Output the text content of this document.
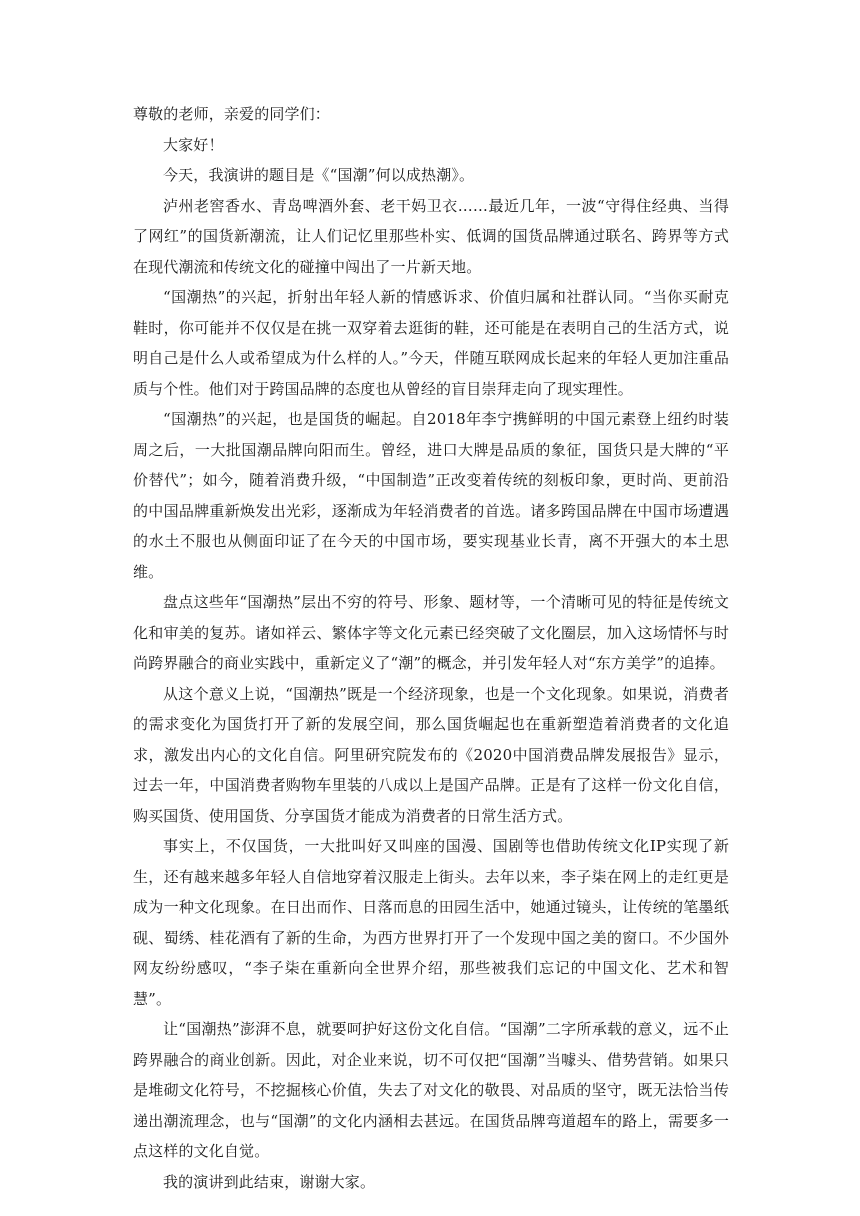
尊敬的老师，亲爱的同学们：

大家好！

今天，我演讲的题目是《“国潮”何以成热潮》。

泸州老窖香水、青岛啤酒外套、老干妈卫衣……最近几年，一波“守得住经典、当得了网红”的国货新潮流，让人们记忆里那些朴实、低调的国货品牌通过联名、跨界等方式在现代潮流和传统文化的碰撞中闯出了一片新天地。

“国潮热”的兴起，折射出年轻人新的情感诉求、价值归属和社群认同。“当你买耐克鞋时，你可能并不仅仅是在挑一双穿着去逛街的鞋，还可能是在表明自己的生活方式，说明自己是什么人或希望成为什么样的人。”今天，伴随互联网成长起来的年轻人更加注重品质与个性。他们对于跨国品牌的态度也从曾经的盲目崇拜走向了现实理性。

“国潮热”的兴起，也是国货的崛起。自2018年李宁携鲜明的中国元素登上纽约时装周之后，一大批国潮品牌向阳而生。曾经，进口大牌是品质的象征，国货只是大牌的“平价替代”；如今，随着消费升级，“中国制造”正改变着传统的刻板印象，更时尚、更前沿的中国品牌重新焕发出光彩，逐渐成为年轻消费者的首选。诸多跨国品牌在中国市场遭遇的水土不服也从侧面印证了在今天的中国市场，要实现基业长青，离不开强大的本土思维。

盘点这些年“国潮热”层出不穷的符号、形象、题材等，一个清晰可见的特征是传统文化和审美的复苏。诸如祥云、繁体字等文化元素已经突破了文化圈层，加入这场情怀与时尚跨界融合的商业实践中，重新定义了“潮”的概念，并引发年轻人对“东方美学”的追捧。

从这个意义上说，“国潮热”既是一个经济现象，也是一个文化现象。如果说，消费者的需求变化为国货打开了新的发展空间，那么国货崛起也在重新塑造着消费者的文化追求，激发出内心的文化自信。阿里研究院发布的《2020中国消费品牌发展报告》显示，过去一年，中国消费者购物车里装的八成以上是国产品牌。正是有了这样一份文化自信，购买国货、使用国货、分享国货才能成为消费者的日常生活方式。

事实上，不仅国货，一大批叫好又叫座的国漫、国剧等也借助传统文化IP实现了新生，还有越来越多年轻人自信地穿着汉服走上街头。去年以来，李子柒在网上的走红更是成为一种文化现象。在日出而作、日落而息的田园生活中，她通过镜头，让传统的笔墨纸砚、蜀绣、桂花酒有了新的生命，为西方世界打开了一个发现中国之美的窗口。不少国外网友纷纷感叹，“李子柒在重新向全世界介绍，那些被我们忘记的中国文化、艺术和智慧”。

让“国潮热”澎湃不息，就要呵护好这份文化自信。“国潮”二字所承载的意义，远不止跨界融合的商业创新。因此，对企业来说，切不可仅把“国潮”当噱头、借势营销。如果只是堆砌文化符号，不挖掘核心价值，失去了对文化的敬畏、对品质的坚守，既无法恰当传递出潮流理念，也与“国潮”的文化内涵相去甚远。在国货品牌弯道超车的路上，需要多一点这样的文化自觉。

我的演讲到此结束，谢谢大家。
